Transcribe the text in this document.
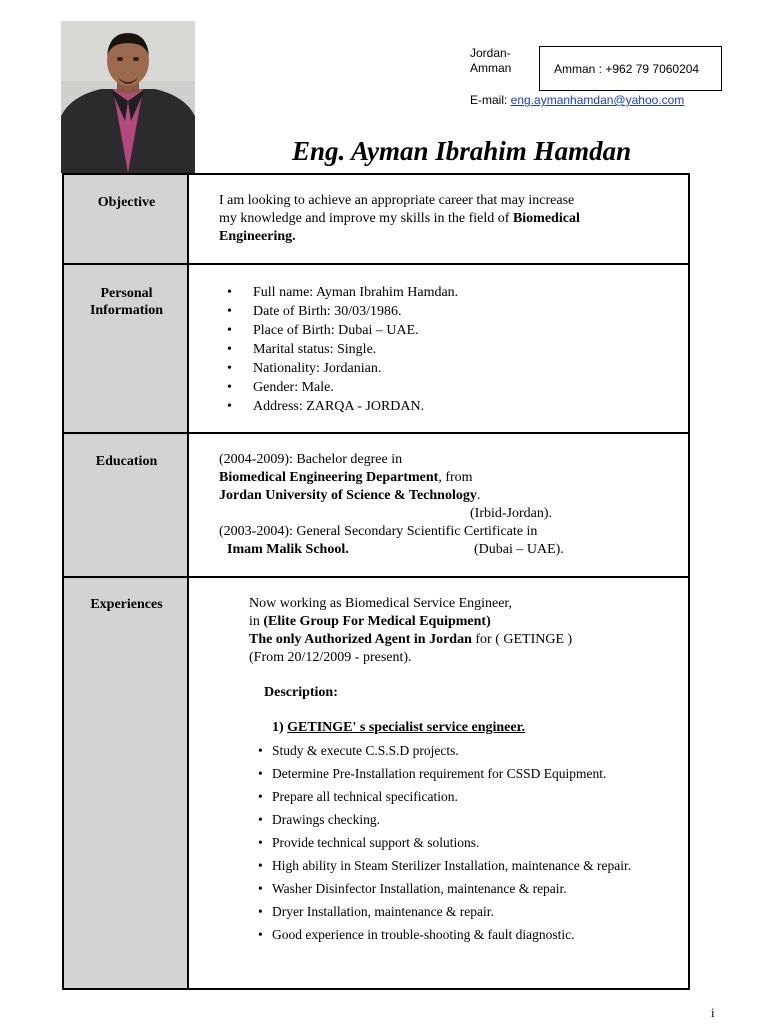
Jordan-Amman	Amman : +962 79 7060204
E-mail: eng.aymanhamdan@yahoo.com
Eng. Ayman Ibrahim Hamdan
Objective	I am looking to achieve an appropriate career that may increase

my knowledge and improve my skills in the field of Biomedical

Engineering.

Personal
Information
• Full name: Ayman Ibrahim Hamdan.
• Date of Birth: 30/03/1986.
• Place of Birth: Dubai – UAE.
• Marital status: Single.
• Nationality: Jordanian.
• Gender: Male.
• Address: ZARQA - JORDAN.
Education	(2004-2009): Bachelor degree in

Biomedical Engineering Department, from

Jordan University of Science & Technology.

(Irbid-Jordan).

(2003-2004): General Secondary Scientific Certificate in

Imam Malik School.	(Dubai – UAE).

Experiences	Now working as Biomedical Service Engineer,

in (Elite Group For Medical Equipment)

The only Authorized Agent in Jordan for ( GETINGE )

(From 20/12/2009 - present).

Description:
1) GETINGE' s specialist service engineer.
• Study & execute C.S.S.D projects.
• Determine Pre-Installation requirement for CSSD Equipment.
• Prepare all technical specification.
• Drawings checking.
• Provide technical support & solutions.
• High ability in Steam Sterilizer Installation, maintenance & repair.
• Washer Disinfector Installation, maintenance & repair.
• Dryer Installation, maintenance & repair.
• Good experience in trouble-shooting & fault diagnostic.
i
